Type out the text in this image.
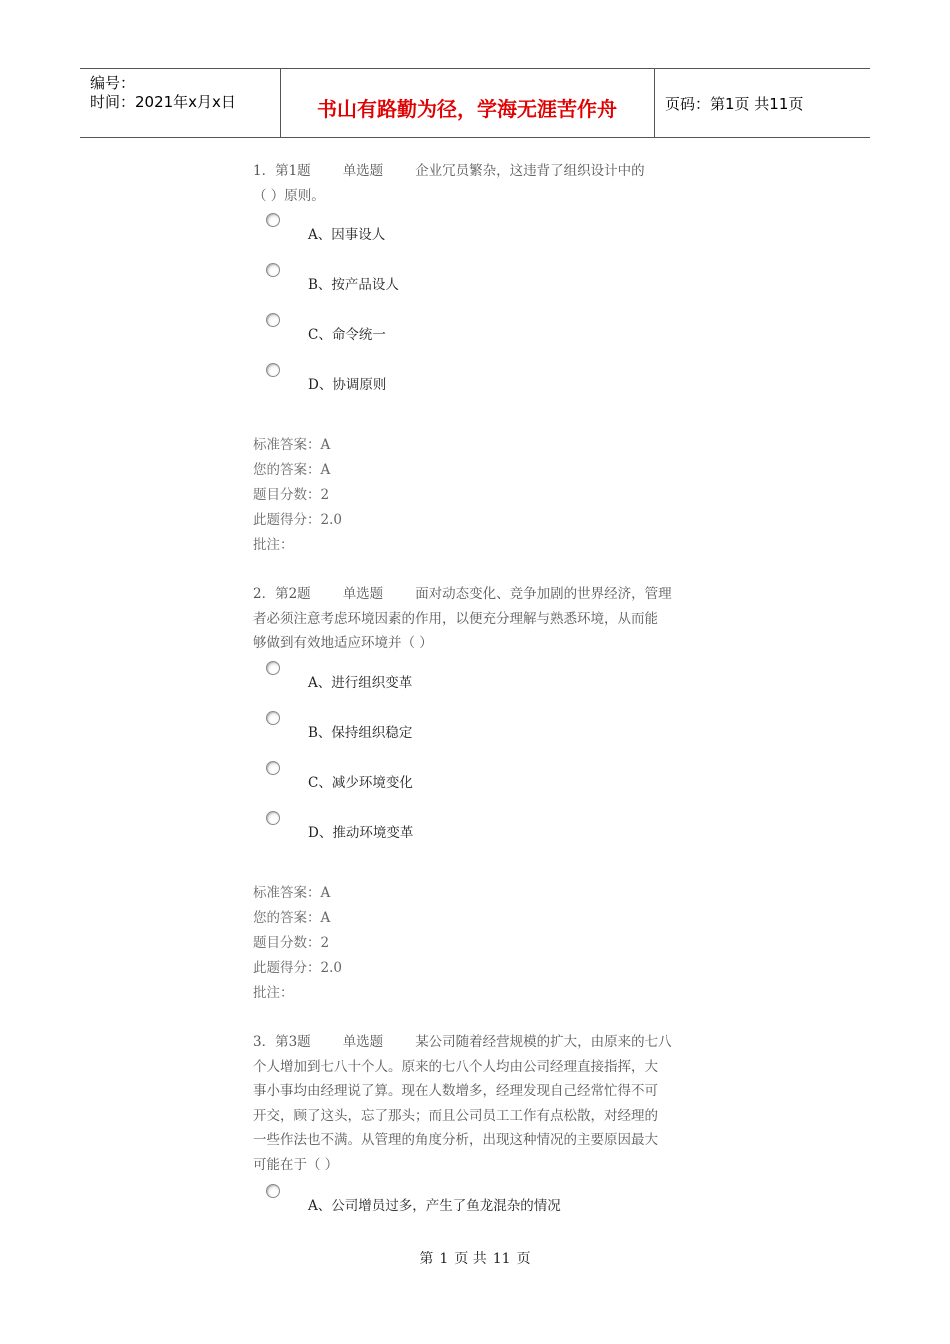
编号：
时间：2021年x月x日	书山有路勤为径，学海无涯苦作舟	页码：第1页 共11页
1．第1题 单选题 企业冗员繁杂，这违背了组织设计中的
（ ）原则。
A、因事设人
B、按产品设人
C、命令统一
D、协调原则
标准答案：A
您的答案：A
题目分数：2
此题得分：2.0
批注：
2．第2题 单选题 面对动态变化、竞争加剧的世界经济，管理
者必须注意考虑环境因素的作用，以便充分理解与熟悉环境，从而能
够做到有效地适应环境并（ ）
A、进行组织变革
B、保持组织稳定
C、减少环境变化
D、推动环境变革
标准答案：A
您的答案：A
题目分数：2
此题得分：2.0
批注：
3．第3题 单选题 某公司随着经营规模的扩大，由原来的七八
个人增加到七八十个人。原来的七八个人均由公司经理直接指挥，大
事小事均由经理说了算。现在人数增多，经理发现自己经常忙得不可
开交，顾了这头，忘了那头；而且公司员工工作有点松散，对经理的
一些作法也不满。从管理的角度分析，出现这种情况的主要原因最大
可能在于（ ）
A、公司增员过多，产生了鱼龙混杂的情况
第 1 页 共 11 页
